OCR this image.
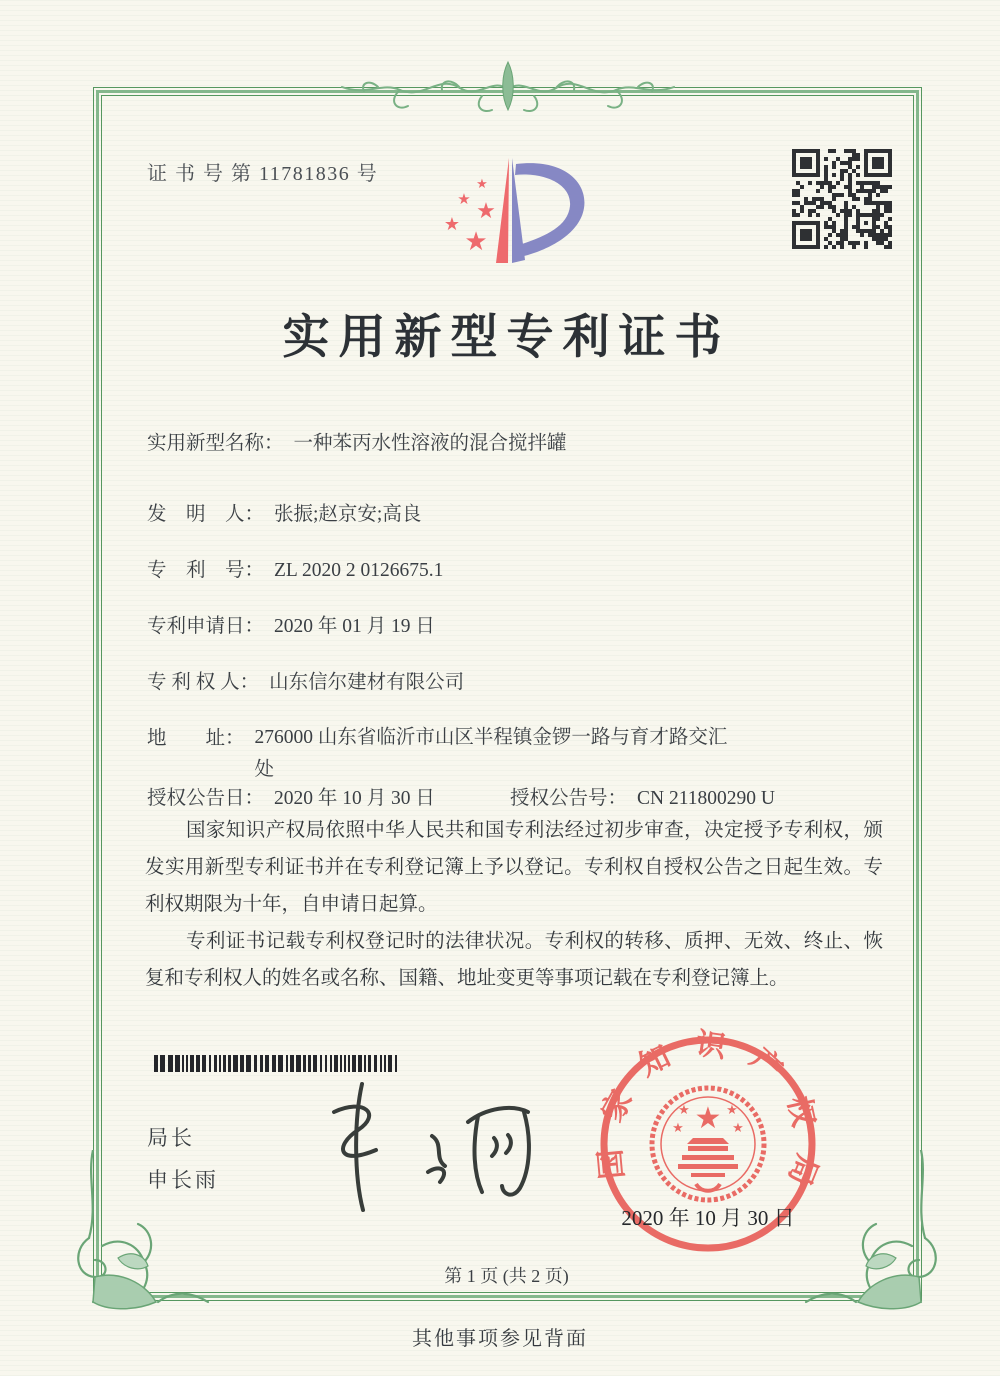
证 书 号 第 11781836 号	★
★ ★
★
★
实用新型专利证书
实用新型名称： 一种苯丙水性溶液的混合搅拌罐
发　明　人： 张振;赵京安;高良
专　利　号： ZL 2020 2 0126675.1
专利申请日： 2020 年 01 月 19 日
专 利 权 人： 山东信尔建材有限公司
地　　址： 276000 山东省临沂市山区半程镇金锣一路与育才路交汇
处
授权公告日： 2020 年 10 月 30 日	授权公告号： CN 211800290 U

国家知识产权局依照中华人民共和国专利法经过初步审查，决定授予专利权，颁发实用新型专利证书并在专利登记簿上予以登记。专利权自授权公告之日起生效。专利权期限为十年，自申请日起算。

专利证书记载专利权登记时的法律状况。专利权的转移、质押、无效、终止、恢复和专利权人的姓名或名称、国籍、地址变更等事项记载在专利登记簿上。

局长
申长雨	国家知识产权局
★
★	★
★	★
2020 年 10 月 30 日
第 1 页 (共 2 页)
其他事项参见背面
